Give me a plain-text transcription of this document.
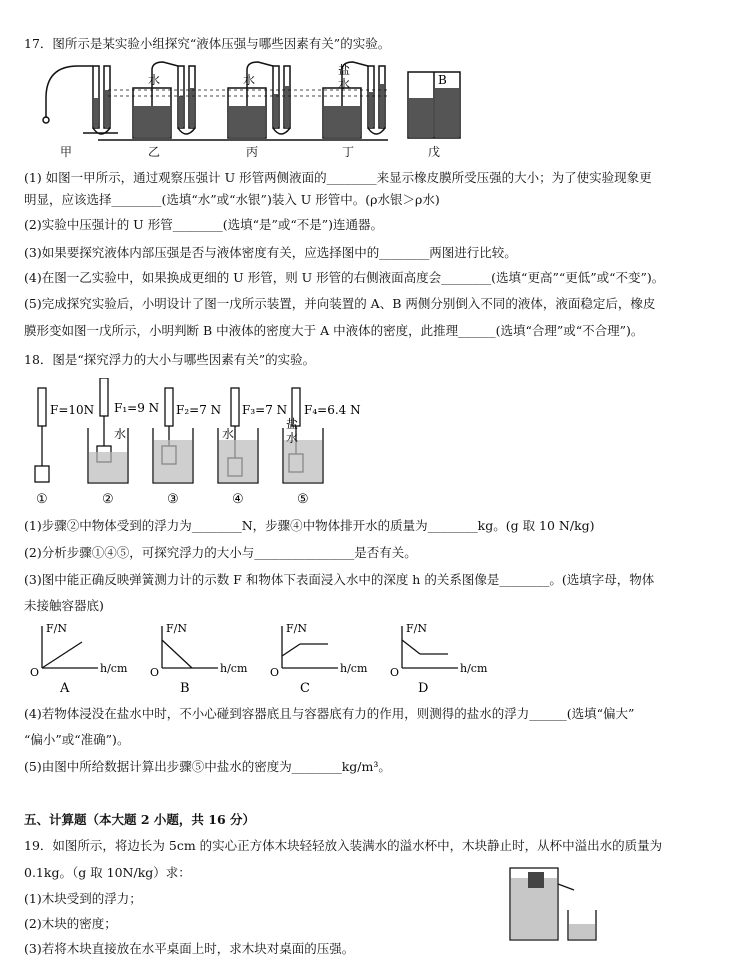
17．图所示是某实验小组探究“液体压强与哪些因素有关”的实验。
水	水
盐
水	A
B
甲	乙	丙	丁	戊
(1) 如图一甲所示，通过观察压强计 U 形管两侧液面的________来显示橡皮膜所受压强的大小；为了使实验现象更
明显，应该选择________(选填“水”或“水银”)装入 U 形管中。(ρ水银＞ρ水)
(2)实验中压强计的 U 形管________(选填“是”或“不是”)连通器。
(3)如果要探究液体内部压强是否与液体密度有关，应选择图中的________两图进行比较。
(4)在图一乙实验中，如果换成更细的 U 形管，则 U 形管的右侧液面高度会________(选填“更高”“更低”或“不变”)。
(5)完成探究实验后，小明设计了图一戊所示装置，并向装置的 A、B 两侧分别倒入不同的液体，液面稳定后，橡皮
膜形变如图一戊所示，小明判断 B 中液体的密度大于 A 中液体的密度，此推理______(选填“合理”或“不合理”)。
18．图是“探究浮力的大小与哪些因素有关”的实验。
F=10N F₁=9 N F₂=7 N F₃=7 N F₄=6.4 N
水	水
盐
水
①	②	③	④	⑤
(1)步骤②中物体受到的浮力为________N，步骤④中物体排开水的质量为________kg。(g 取 10 N/kg)
(2)分析步骤①④⑤，可探究浮力的大小与________________是否有关。
(3)图中能正确反映弹簧测力计的示数 F 和物体下表面浸入水中的深度 h 的关系图像是________。(选填字母，物体
未接触容器底)
F/N
h/cm
O
A
F/N
h/cm
O
B
F/N
h/cm
O
C
F/N
h/cm
O
D
(4)若物体浸没在盐水中时，不小心碰到容器底且与容器底有力的作用，则测得的盐水的浮力______(选填“偏大”
“偏小”或“准确”)。
(5)由图中所给数据计算出步骤⑤中盐水的密度为________kg/m³。
五、计算题（本大题 2 小题，共 16 分）
19．如图所示，将边长为 5cm 的实心正方体木块轻轻放入装满水的溢水杯中，木块静止时，从杯中溢出水的质量为
0.1kg。（g 取 10N/kg）求：
(1)木块受到的浮力；
(2)木块的密度；
(3)若将木块直接放在水平桌面上时，求木块对桌面的压强。
